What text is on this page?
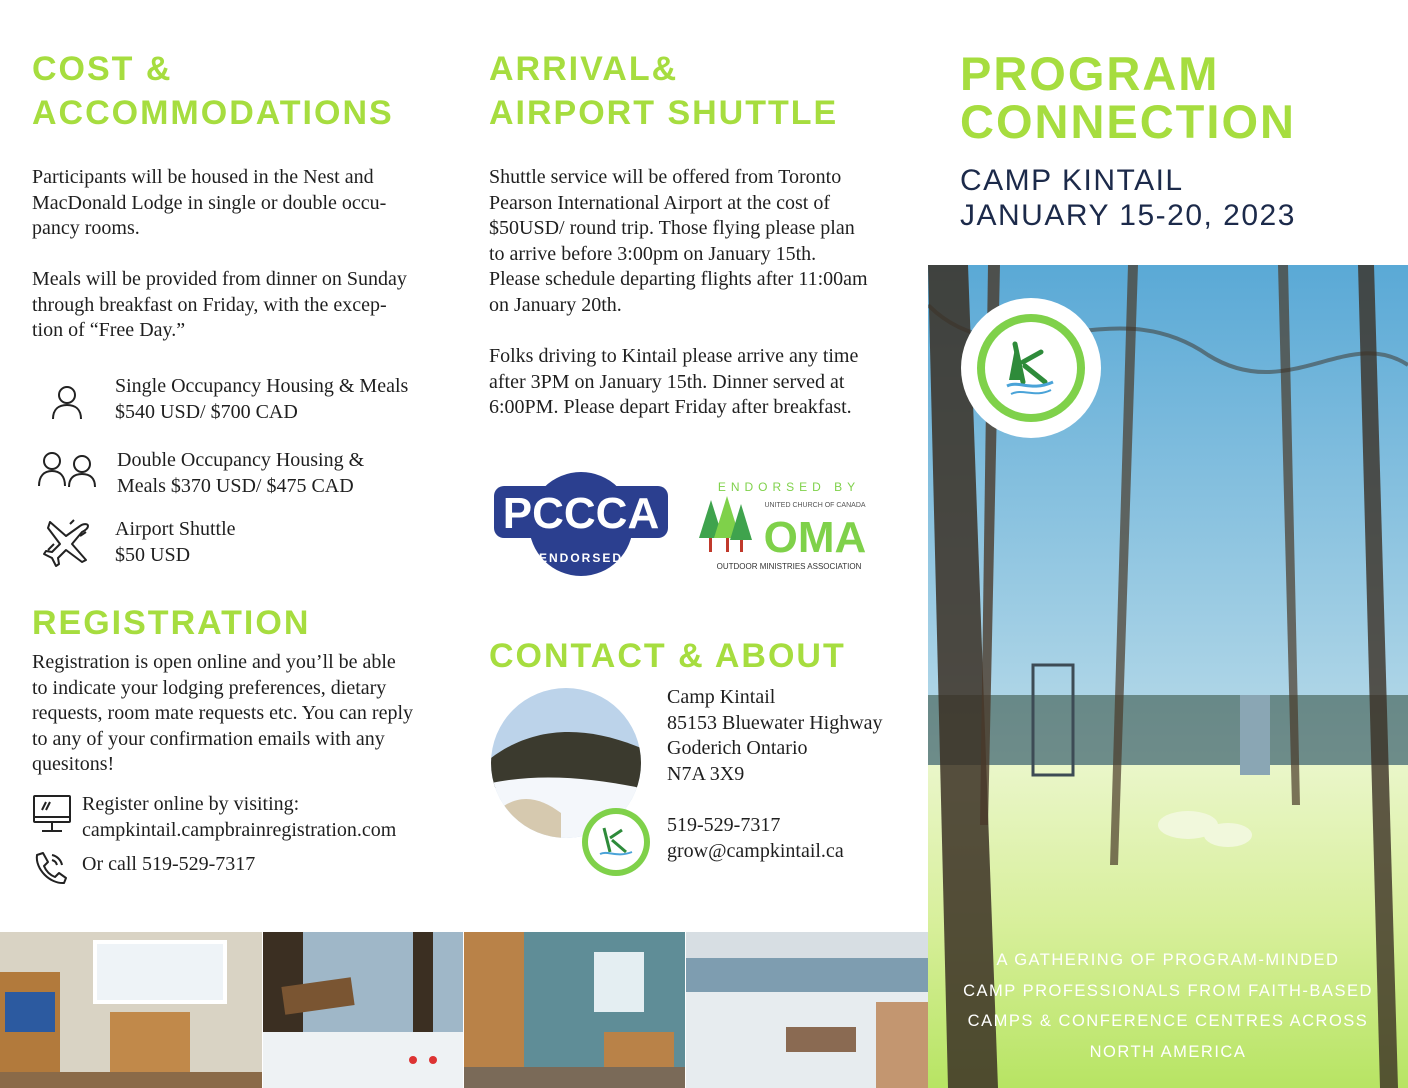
COST &
ACCOMMODATIONS
Participants will be housed in the Nest and
MacDonald Lodge in single or double occu-
pancy rooms.
Meals will be provided from dinner on Sunday
through breakfast on Friday, with the excep-
tion of “Free Day.”
Single Occupancy Housing & Meals
$540 USD/ $700 CAD
Double Occupancy Housing &
Meals $370 USD/ $475 CAD
Airport Shuttle
$50 USD
REGISTRATION
Registration is open online and you’ll be able
to indicate your lodging preferences, dietary
requests, room mate requests etc. You can reply
to any of your confirmation emails with any
quesitons!
Register online by visiting:
campkintail.campbrainregistration.com
Or call 519-529-7317
ARRIVAL&
AIRPORT SHUTTLE
Shuttle service will be offered from Toronto
Pearson International Airport at the cost of
$50USD/ round trip. Those flying please plan
to arrive before 3:00pm on January 15th.
Please schedule departing flights after 11:00am
on January 20th.
Folks driving to Kintail please arrive any time
after 3PM on January 15th. Dinner served at
6:00PM. Please depart Friday after breakfast.
PCCCA
ENDORSED
ENDORSED BY
UNITED CHURCH OF CANADA
OMA
OUTDOOR MINISTRIES ASSOCIATION
CONTACT & ABOUT
Camp Kintail
85153 Bluewater Highway
Goderich Ontario
N7A 3X9
519-529-7317
grow@campkintail.ca
PROGRAM
CONNECTION
CAMP KINTAIL
JANUARY 15-20, 2023
A GATHERING OF PROGRAM-MINDED
CAMP PROFESSIONALS FROM FAITH-BASED
CAMPS & CONFERENCE CENTRES ACROSS
NORTH AMERICA
